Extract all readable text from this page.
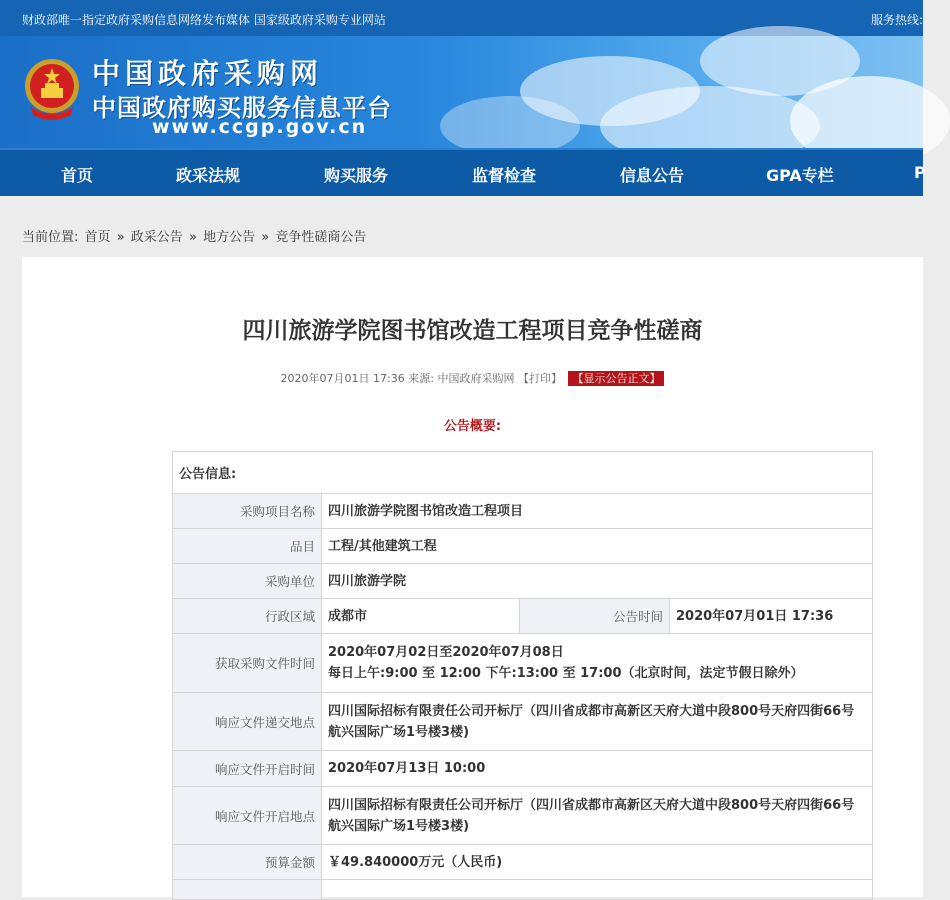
财政部唯一指定政府采购信息网络发布媒体 国家级政府采购专业网站	服务热线:
中国政府采购网
中国政府购买服务信息平台
www.ccgp.gov.cn
首页	政采法规	购买服务	监督检查	信息公告	GPA专栏	P
当前位置: 首页 » 政采公告 » 地方公告 » 竞争性磋商公告
四川旅游学院图书馆改造工程项目竞争性磋商
2020年07月01日 17:36 来源: 中国政府采购网 【打印】 【显示公告正文】
公告概要:
公告信息:			
采购项目名称	四川旅游学院图书馆改造工程项目		
品目	工程/其他建筑工程		
采购单位	四川旅游学院		
行政区域	成都市	公告时间	2020年07月01日 17:36
获取采购文件时间	2020年07月02日至2020年07月08日
每日上午:9:00 至 12:00 下午:13:00 至 17:00（北京时间，法定节假日除外）		

响应文件递交地点	四川国际招标有限责任公司开标厅（四川省成都市高新区天府大道中段800号天府四街66号航兴国际广场1号楼3楼)		
响应文件开启时间	2020年07月13日 10:00		
响应文件开启地点	四川国际招标有限责任公司开标厅（四川省成都市高新区天府大道中段800号天府四街66号航兴国际广场1号楼3楼)		
预算金额	￥49.840000万元（人民币)		
